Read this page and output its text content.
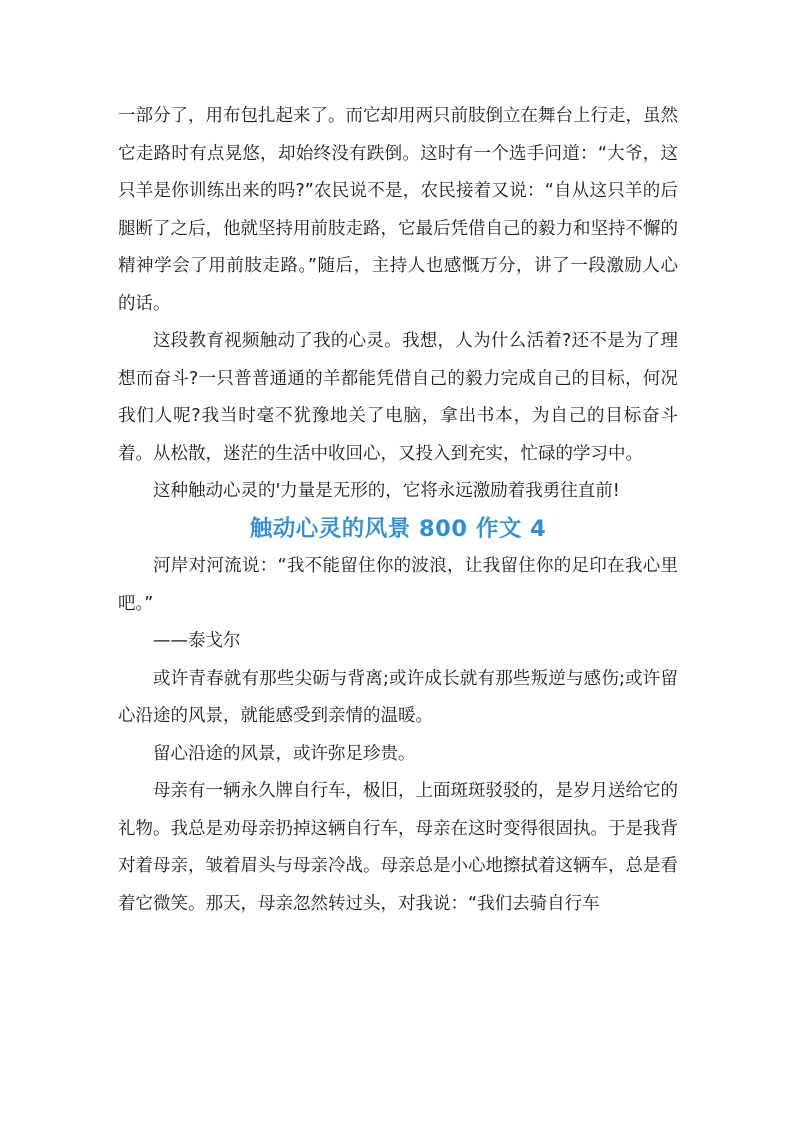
一部分了，用布包扎起来了。而它却用两只前肢倒立在舞台上行走，虽然它走路时有点晃悠，却始终没有跌倒。这时有一个选手问道：“大爷，这只羊是你训练出来的吗?”农民说不是，农民接着又说：“自从这只羊的后腿断了之后，他就坚持用前肢走路，它最后凭借自己的毅力和坚持不懈的精神学会了用前肢走路。”随后，主持人也感慨万分，讲了一段激励人心的话。

这段教育视频触动了我的心灵。我想，人为什么活着?还不是为了理想而奋斗?一只普普通通的羊都能凭借自己的毅力完成自己的目标，何况我们人呢?我当时毫不犹豫地关了电脑，拿出书本，为自己的目标奋斗着。从松散，迷茫的生活中收回心，又投入到充实，忙碌的学习中。

这种触动心灵的'力量是无形的，它将永远激励着我勇往直前!

触动心灵的风景 800 作文 4

河岸对河流说：“我不能留住你的波浪，让我留住你的足印在我心里吧。”

——泰戈尔

或许青春就有那些尖砺与背离;或许成长就有那些叛逆与感伤;或许留心沿途的风景，就能感受到亲情的温暖。

留心沿途的风景，或许弥足珍贵。

母亲有一辆永久牌自行车，极旧，上面斑斑驳驳的，是岁月送给它的礼物。我总是劝母亲扔掉这辆自行车，母亲在这时变得很固执。于是我背对着母亲，皱着眉头与母亲冷战。母亲总是小心地擦拭着这辆车，总是看着它微笑。那天，母亲忽然转过头，对我说：“我们去骑自行车
